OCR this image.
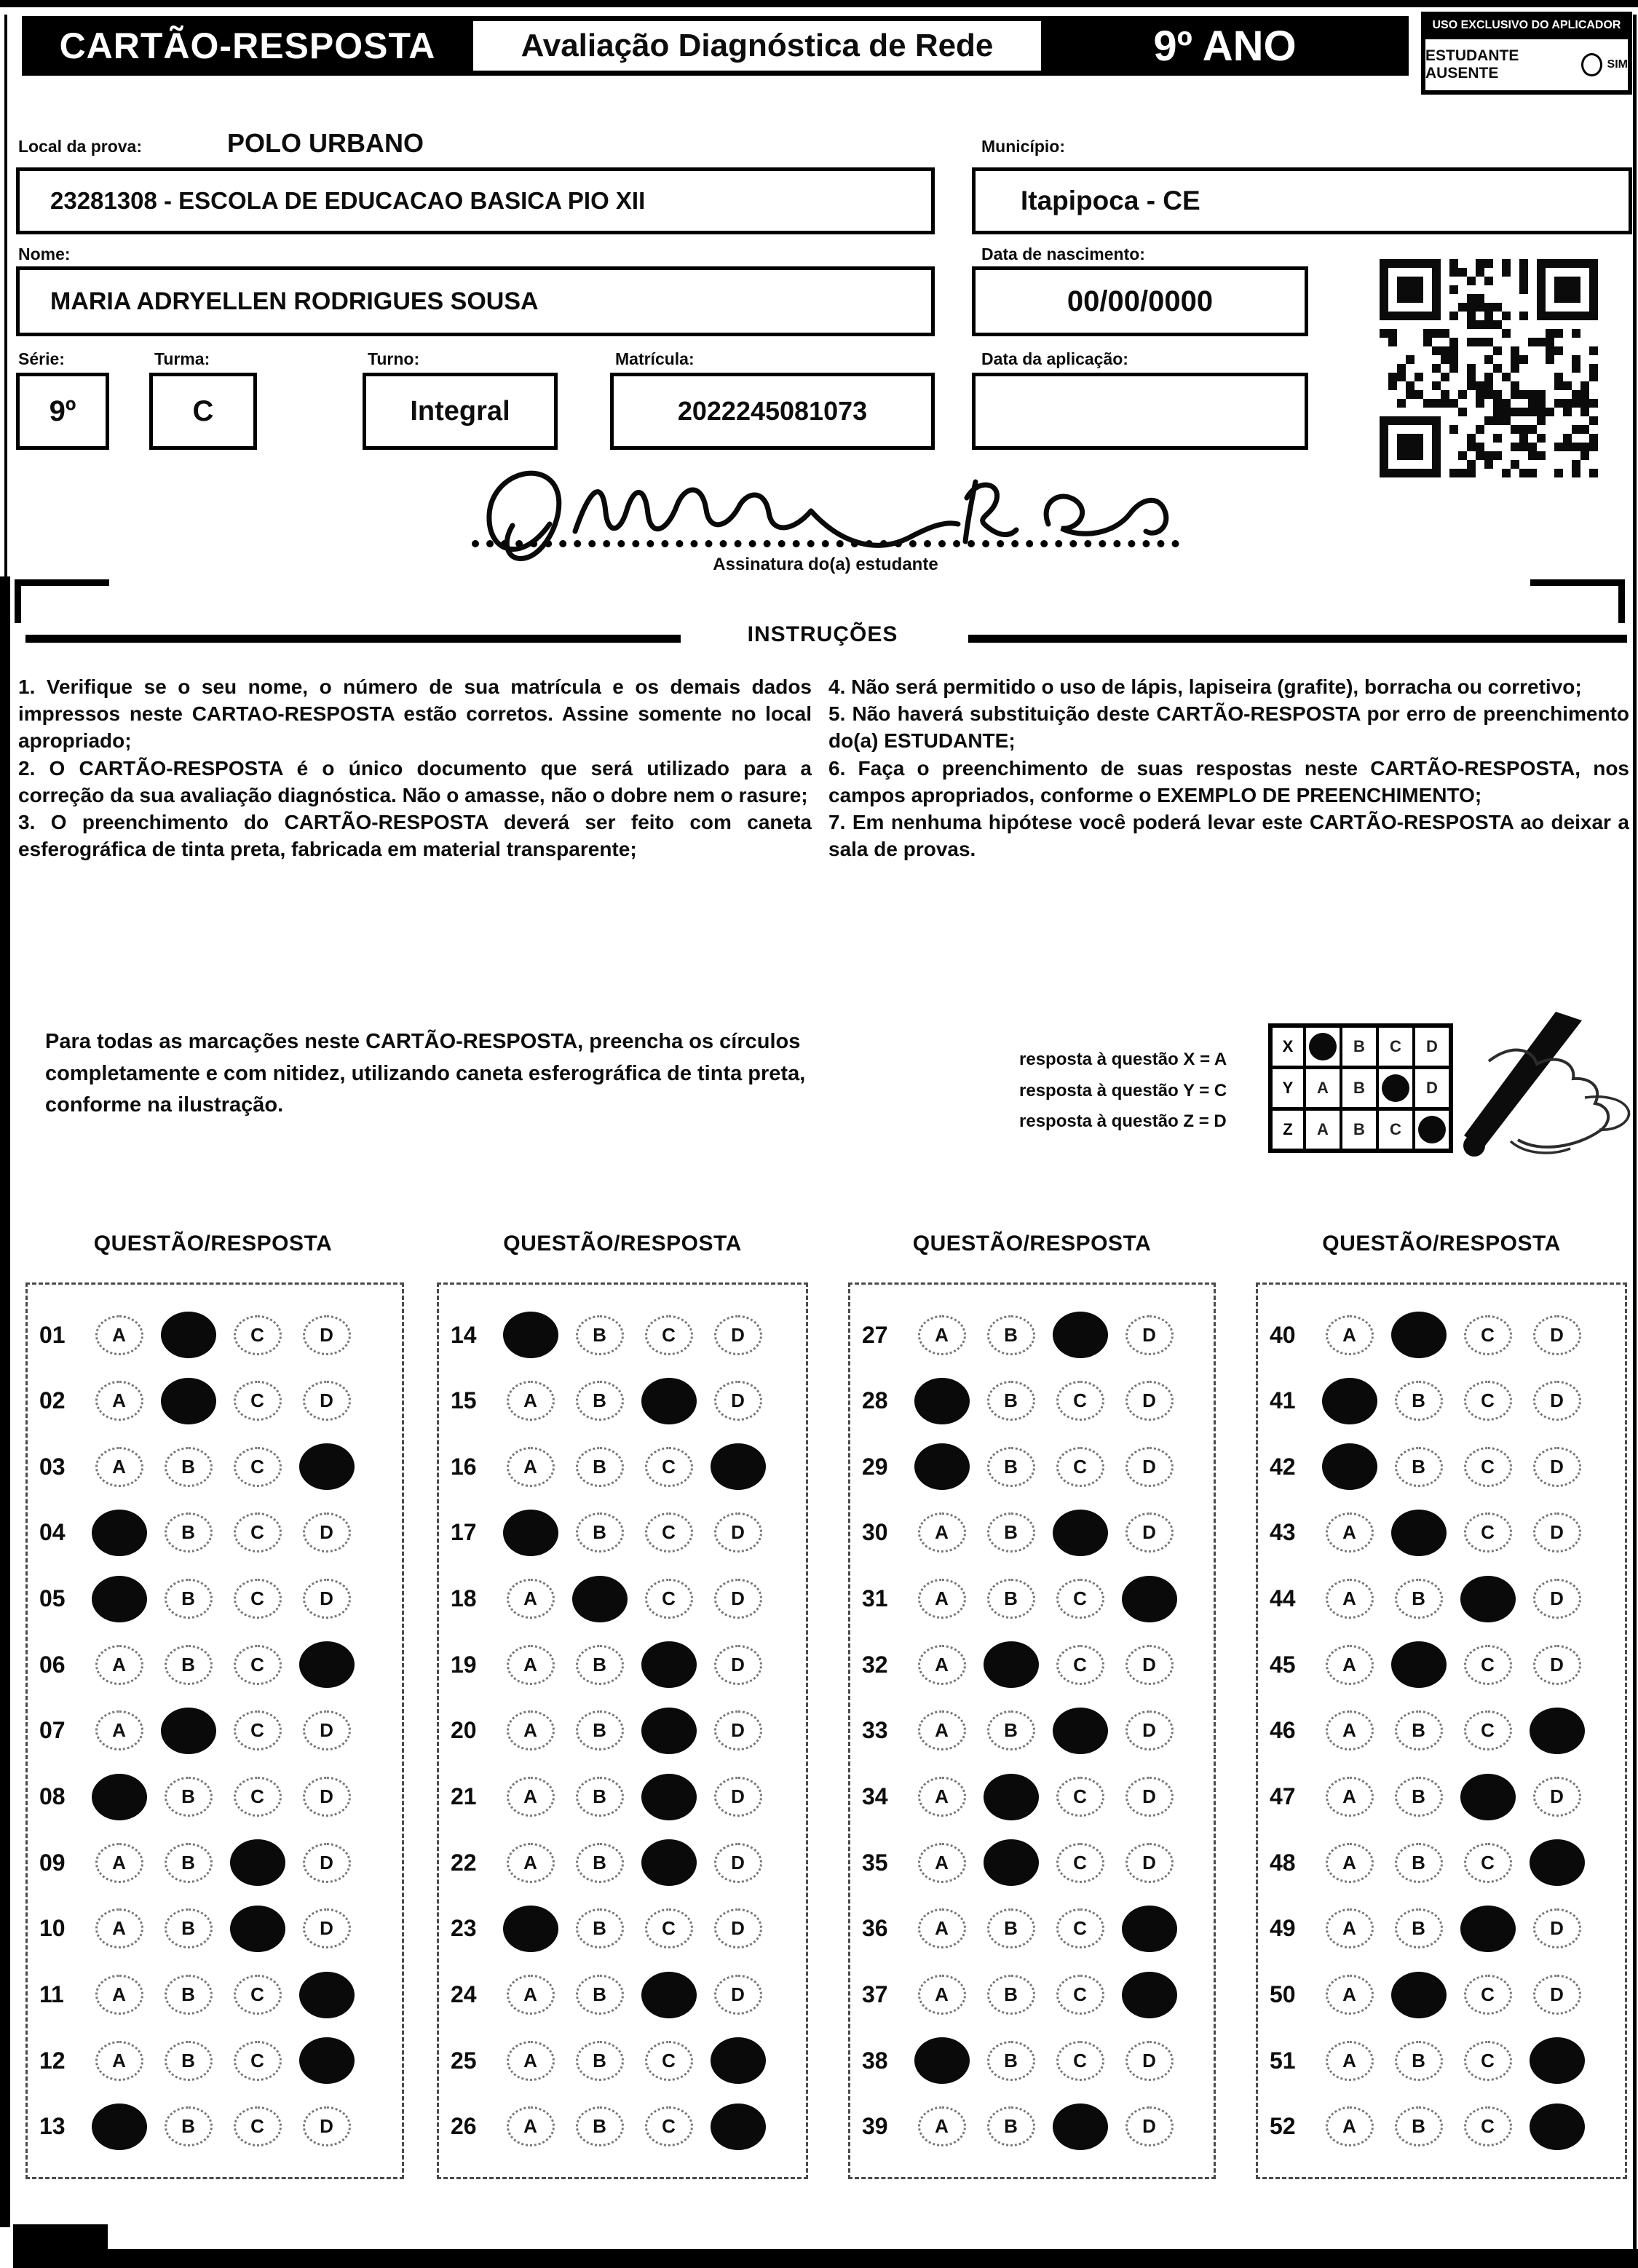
CARTÃO-RESPOSTA	Avaliação Diagnóstica de Rede	9º ANO	USO EXCLUSIVO DO APLICADOR
ESTUDANTE AUSENTE
SIM
Local da prova:	POLO URBANO	Município:
23281308 - ESCOLA DE EDUCACAO BASICA PIO XII	Itapipoca - CE
Nome:	Data de nascimento:
MARIA ADRYELLEN RODRIGUES SOUSA	00/00/0000
Série:	Turma:	Turno:	Matrícula:	Data da aplicação:
9º	C	Integral	2022245081073
Assinatura do(a) estudante
INSTRUÇÕES

1. Verifique se o seu nome, o número de sua matrícula e os demais dados impressos neste CARTAO-RESPOSTA estão corretos. Assine somente no local apropriado;

2. O CARTÃO-RESPOSTA é o único documento que será utilizado para a correção da sua avaliação diagnóstica. Não o amasse, não o dobre nem o rasure;

3. O preenchimento do CARTÃO-RESPOSTA deverá ser feito com caneta esferográfica de tinta preta, fabricada em material transparente;

4. Não será permitido o uso de lápis, lapiseira (grafite), borracha ou corretivo;

5. Não haverá substituição deste CARTÃO-RESPOSTA por erro de preenchimento do(a) ESTUDANTE;

6. Faça o preenchimento de suas respostas neste CARTÃO-RESPOSTA, nos campos apropriados, conforme o EXEMPLO DE PREENCHIMENTO;

7. Em nenhuma hipótese você poderá levar este CARTÃO-RESPOSTA ao deixar a sala de provas.

Para todas as marcações neste CARTÃO-RESPOSTA, preencha os círculos completamente e com nitidez, utilizando caneta esferográfica de tinta preta, conforme na ilustração.

resposta à questão X = A

resposta à questão Y = C

resposta à questão Z = D

X	B	C	D
Y	A	B	D
Z	A	B	C
QUESTÃO/RESPOSTA	QUESTÃO/RESPOSTA	QUESTÃO/RESPOSTA	QUESTÃO/RESPOSTA
01	A	C	D
02	A	C	D
03	A	B	C
04	B	C	D
05	B	C	D
06	A	B	C
07	A	C	D
08	B	C	D
09	A	B	D
10	A	B	D
11	A	B	C
12	A	B	C
13	B	C	D
14	B	C	D
15	A	B	D
16	A	B	C
17	B	C	D
18	A	C	D
19	A	B	D
20	A	B	D
21	A	B	D
22	A	B	D
23	B	C	D
24	A	B	D
25	A	B	C
26	A	B	C
27	A	B	D
28	B	C	D
29	B	C	D
30	A	B	D
31	A	B	C
32	A	C	D
33	A	B	D
34	A	C	D
35	A	C	D
36	A	B	C
37	A	B	C
38	B	C	D
39	A	B	D
40	A	C	D
41	B	C	D
42	B	C	D
43	A	C	D
44	A	B	D
45	A	C	D
46	A	B	C
47	A	B	D
48	A	B	C
49	A	B	D
50	A	C	D
51	A	B	C
52	A	B	C
